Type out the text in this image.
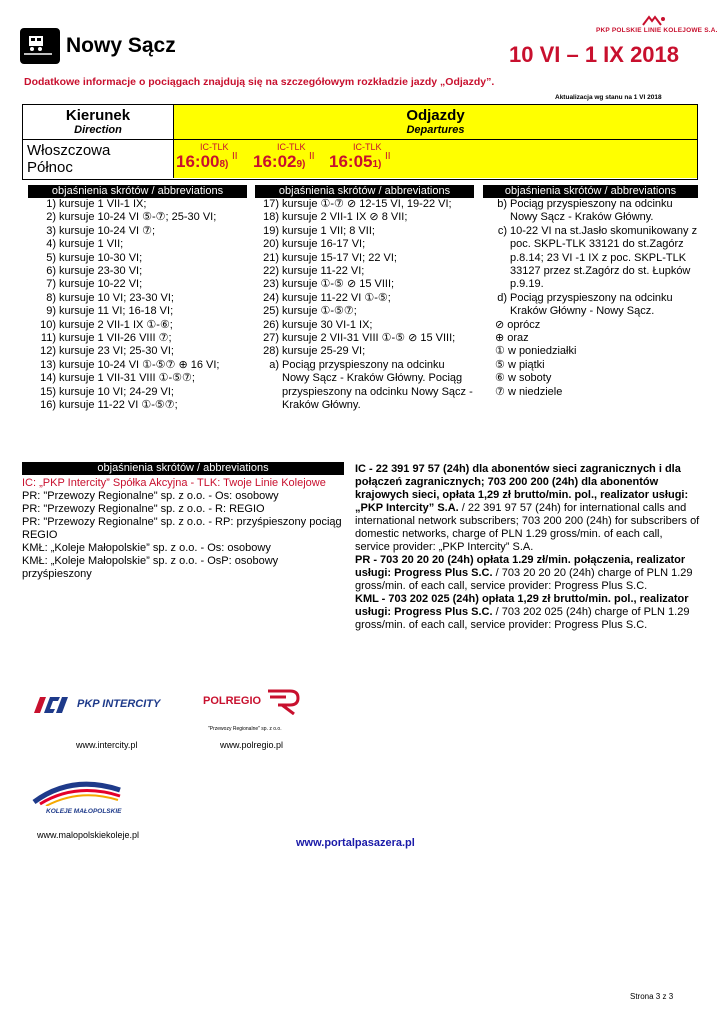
Nowy Sącz
PKP POLSKIE LINIE KOLEJOWE S.A.
10 VI – 1 IX 2018
Dodatkowe informacje o pociągach znajdują się na szczegółowym rozkładzie jazdy „Odjazdy”.
Aktualizacja wg stanu na 1 VI 2018
Kierunek
Direction
Odjazdy
Departures
Włoszczowa
Północ
IC-TLK
16:008)
II
IC-TLK
16:029)
II
IC-TLK
16:051)
II
objaśnienia skrótów / abbreviations
1) kursuje 1 VII-1 IX;
2) kursuje 10-24 VI ⑤-⑦; 25-30 VI;
3) kursuje 10-24 VI ⑦;
4) kursuje 1 VII;
5) kursuje 10-30 VI;
6) kursuje 23-30 VI;
7) kursuje 10-22 VI;
8) kursuje 10 VI; 23-30 VI;
9) kursuje 11 VI; 16-18 VI;
10) kursuje 2 VII-1 IX ①-⑥;
11) kursuje 1 VII-26 VIII ⑦;
12) kursuje 23 VI; 25-30 VI;
13) kursuje 10-24 VI ①-⑤⑦ ⊕ 16 VI;
14) kursuje 1 VII-31 VIII ①-⑤⑦;
15) kursuje 10 VI; 24-29 VI;
16) kursuje 11-22 VI ①-⑤⑦;
objaśnienia skrótów / abbreviations
17) kursuje ①-⑦ ⊘ 12-15 VI, 19-22 VI;
18) kursuje 2 VII-1 IX ⊘ 8 VII;
19) kursuje 1 VII; 8 VII;
20) kursuje 16-17 VI;
21) kursuje 15-17 VI; 22 VI;
22) kursuje 11-22 VI;
23) kursuje ①-⑤ ⊘ 15 VIII;
24) kursuje 11-22 VI ①-⑤;
25) kursuje ①-⑤⑦;
26) kursuje 30 VI-1 IX;
27) kursuje 2 VII-31 VIII ①-⑤ ⊘ 15 VIII;
28) kursuje 25-29 VI;
a) Pociąg przyspieszony na odcinku Nowy Sącz - Kraków Główny. Pociąg przyspieszony na odcinku Nowy Sącz - Kraków Główny.
objaśnienia skrótów / abbreviations
b) Pociąg przyspieszony na odcinku Nowy Sącz - Kraków Główny.
c) 10-22 VI na st.Jasło skomunikowany z poc. SKPL-TLK 33121 do st.Zagórz p.8.14; 23 VI -1 IX z poc. SKPL-TLK 33127 przez st.Zagórz do st. Łupków p.9.19.
d) Pociąg przyspieszony na odcinku Kraków Główny - Nowy Sącz.
⊘ oprócz
⊕ oraz
① w poniedziałki
⑤ w piątki
⑥ w soboty
⑦ w niedziele
objaśnienia skrótów / abbreviations
IC: „PKP Intercity” Spółka Akcyjna - TLK: Twoje Linie Kolejowe
PR: "Przewozy Regionalne" sp. z o.o. - Os: osobowy
PR: "Przewozy Regionalne" sp. z o.o. - R: REGIO
PR: "Przewozy Regionalne" sp. z o.o. - RP: przyśpieszony pociąg REGIO
KMŁ: „Koleje Małopolskie” sp. z o.o. - Os: osobowy
KMŁ: „Koleje Małopolskie” sp. z o.o. - OsP: osobowy przyśpieszony
IC - 22 391 97 57 (24h) dla abonentów sieci zagranicznych i dla połączeń zagranicznych; 703 200 200 (24h) dla abonentów krajowych sieci, opłata 1,29 zł brutto/min. pol., realizator usługi: „PKP Intercity” S.A. / 22 391 97 57 (24h) for international calls and international network subscribers; 703 200 200 (24h) for subscribers of domestic networks, charge of PLN 1.29 gross/min. of each call, service provider: „PKP Intercity” S.A.
PR - 703 20 20 20 (24h) opłata 1.29 zł/min. połączenia, realizator usługi: Progress Plus S.C. / 703 20 20 20 (24h) charge of PLN 1.29 gross/min. of each call, service provider: Progress Plus S.C.
KML - 703 202 025 (24h) opłata 1,29 zł brutto/min. pol., realizator usługi: Progress Plus S.C. / 703 202 025 (24h) charge of PLN 1.29 gross/min. of each call, service provider: Progress Plus S.C.
PKP INTERCITY
www.intercity.pl
POLREGIO
"Przewozy Regionalne" sp. z o.o.
www.polregio.pl
KOLEJE MAŁOPOLSKIE
www.malopolskiekoleje.pl
www.portalpasazera.pl
Strona 3 z 3
